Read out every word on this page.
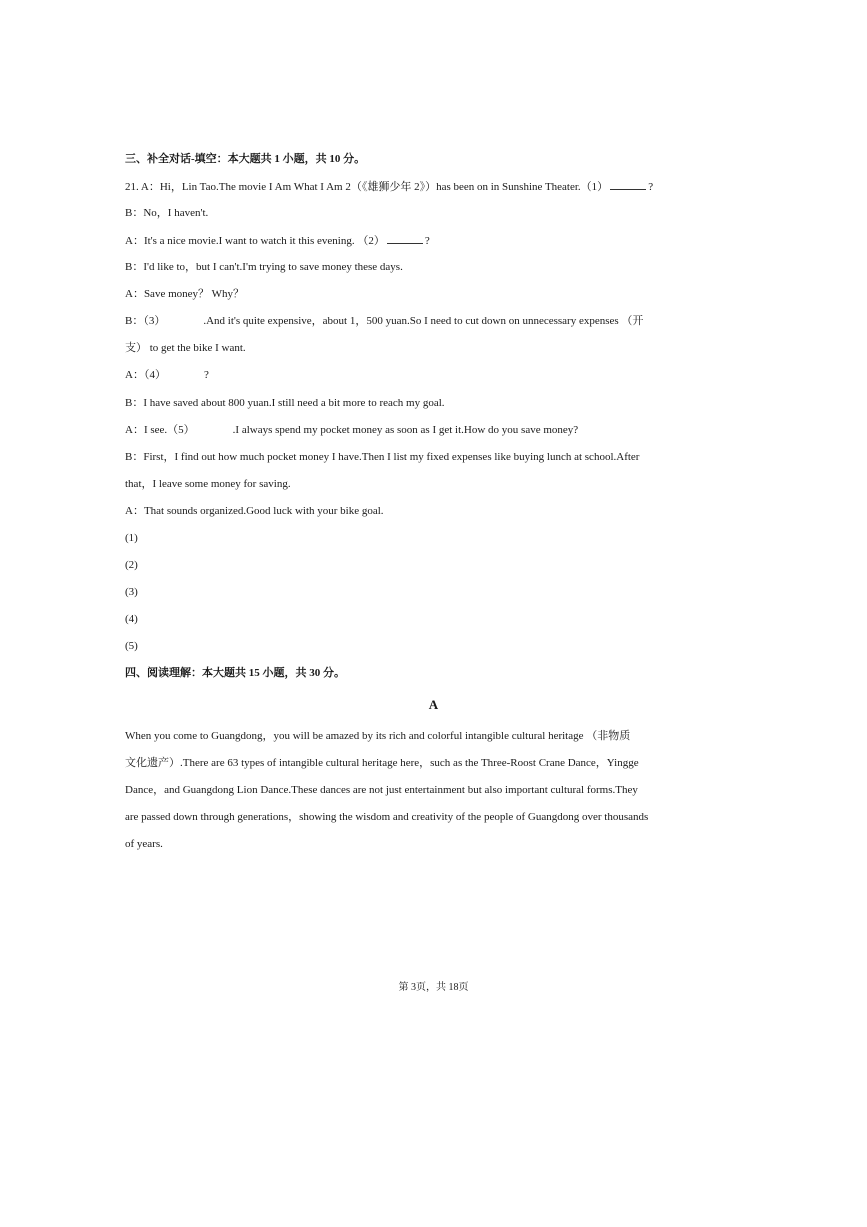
三、补全对话-填空：本大题共 1 小题，共 10 分。
21. A：Hi，Lin Tao.The movie I Am What I Am 2（《雄狮少年 2》）has been on in Sunshine Theater.（1）	?
B：No，I haven't.
A：It's a nice movie.I want to watch it this evening. （2）	?
B：I'd like to，but I can't.I'm trying to save money these days.
A：Save money？ Why？
B：（3）	.And it's quite expensive，about 1，500 yuan.So I need to cut down on unnecessary expenses （开
支） to get the bike I want.
A：（4）	?
B：I have saved about 800 yuan.I still need a bit more to reach my goal.
A：I see.（5）	.I always spend my pocket money as soon as I get it.How do you save money?
B：First，I find out how much pocket money I have.Then I list my fixed expenses like buying lunch at school.After
that，I leave some money for saving.
A：That sounds organized.Good luck with your bike goal.
(1)
(2)
(3)
(4)
(5)
四、阅读理解：本大题共 15 小题，共 30 分。
A
When you come to Guangdong，you will be amazed by its rich and colorful intangible cultural heritage （非物质
文化遗产）.There are 63 types of intangible cultural heritage here，such as the Three-Roost Crane Dance，Yingge
Dance，and Guangdong Lion Dance.These dances are not just entertainment but also important cultural forms.They
are passed down through generations，showing the wisdom and creativity of the people of Guangdong over thousands
of years.
第 3页，共 18页
